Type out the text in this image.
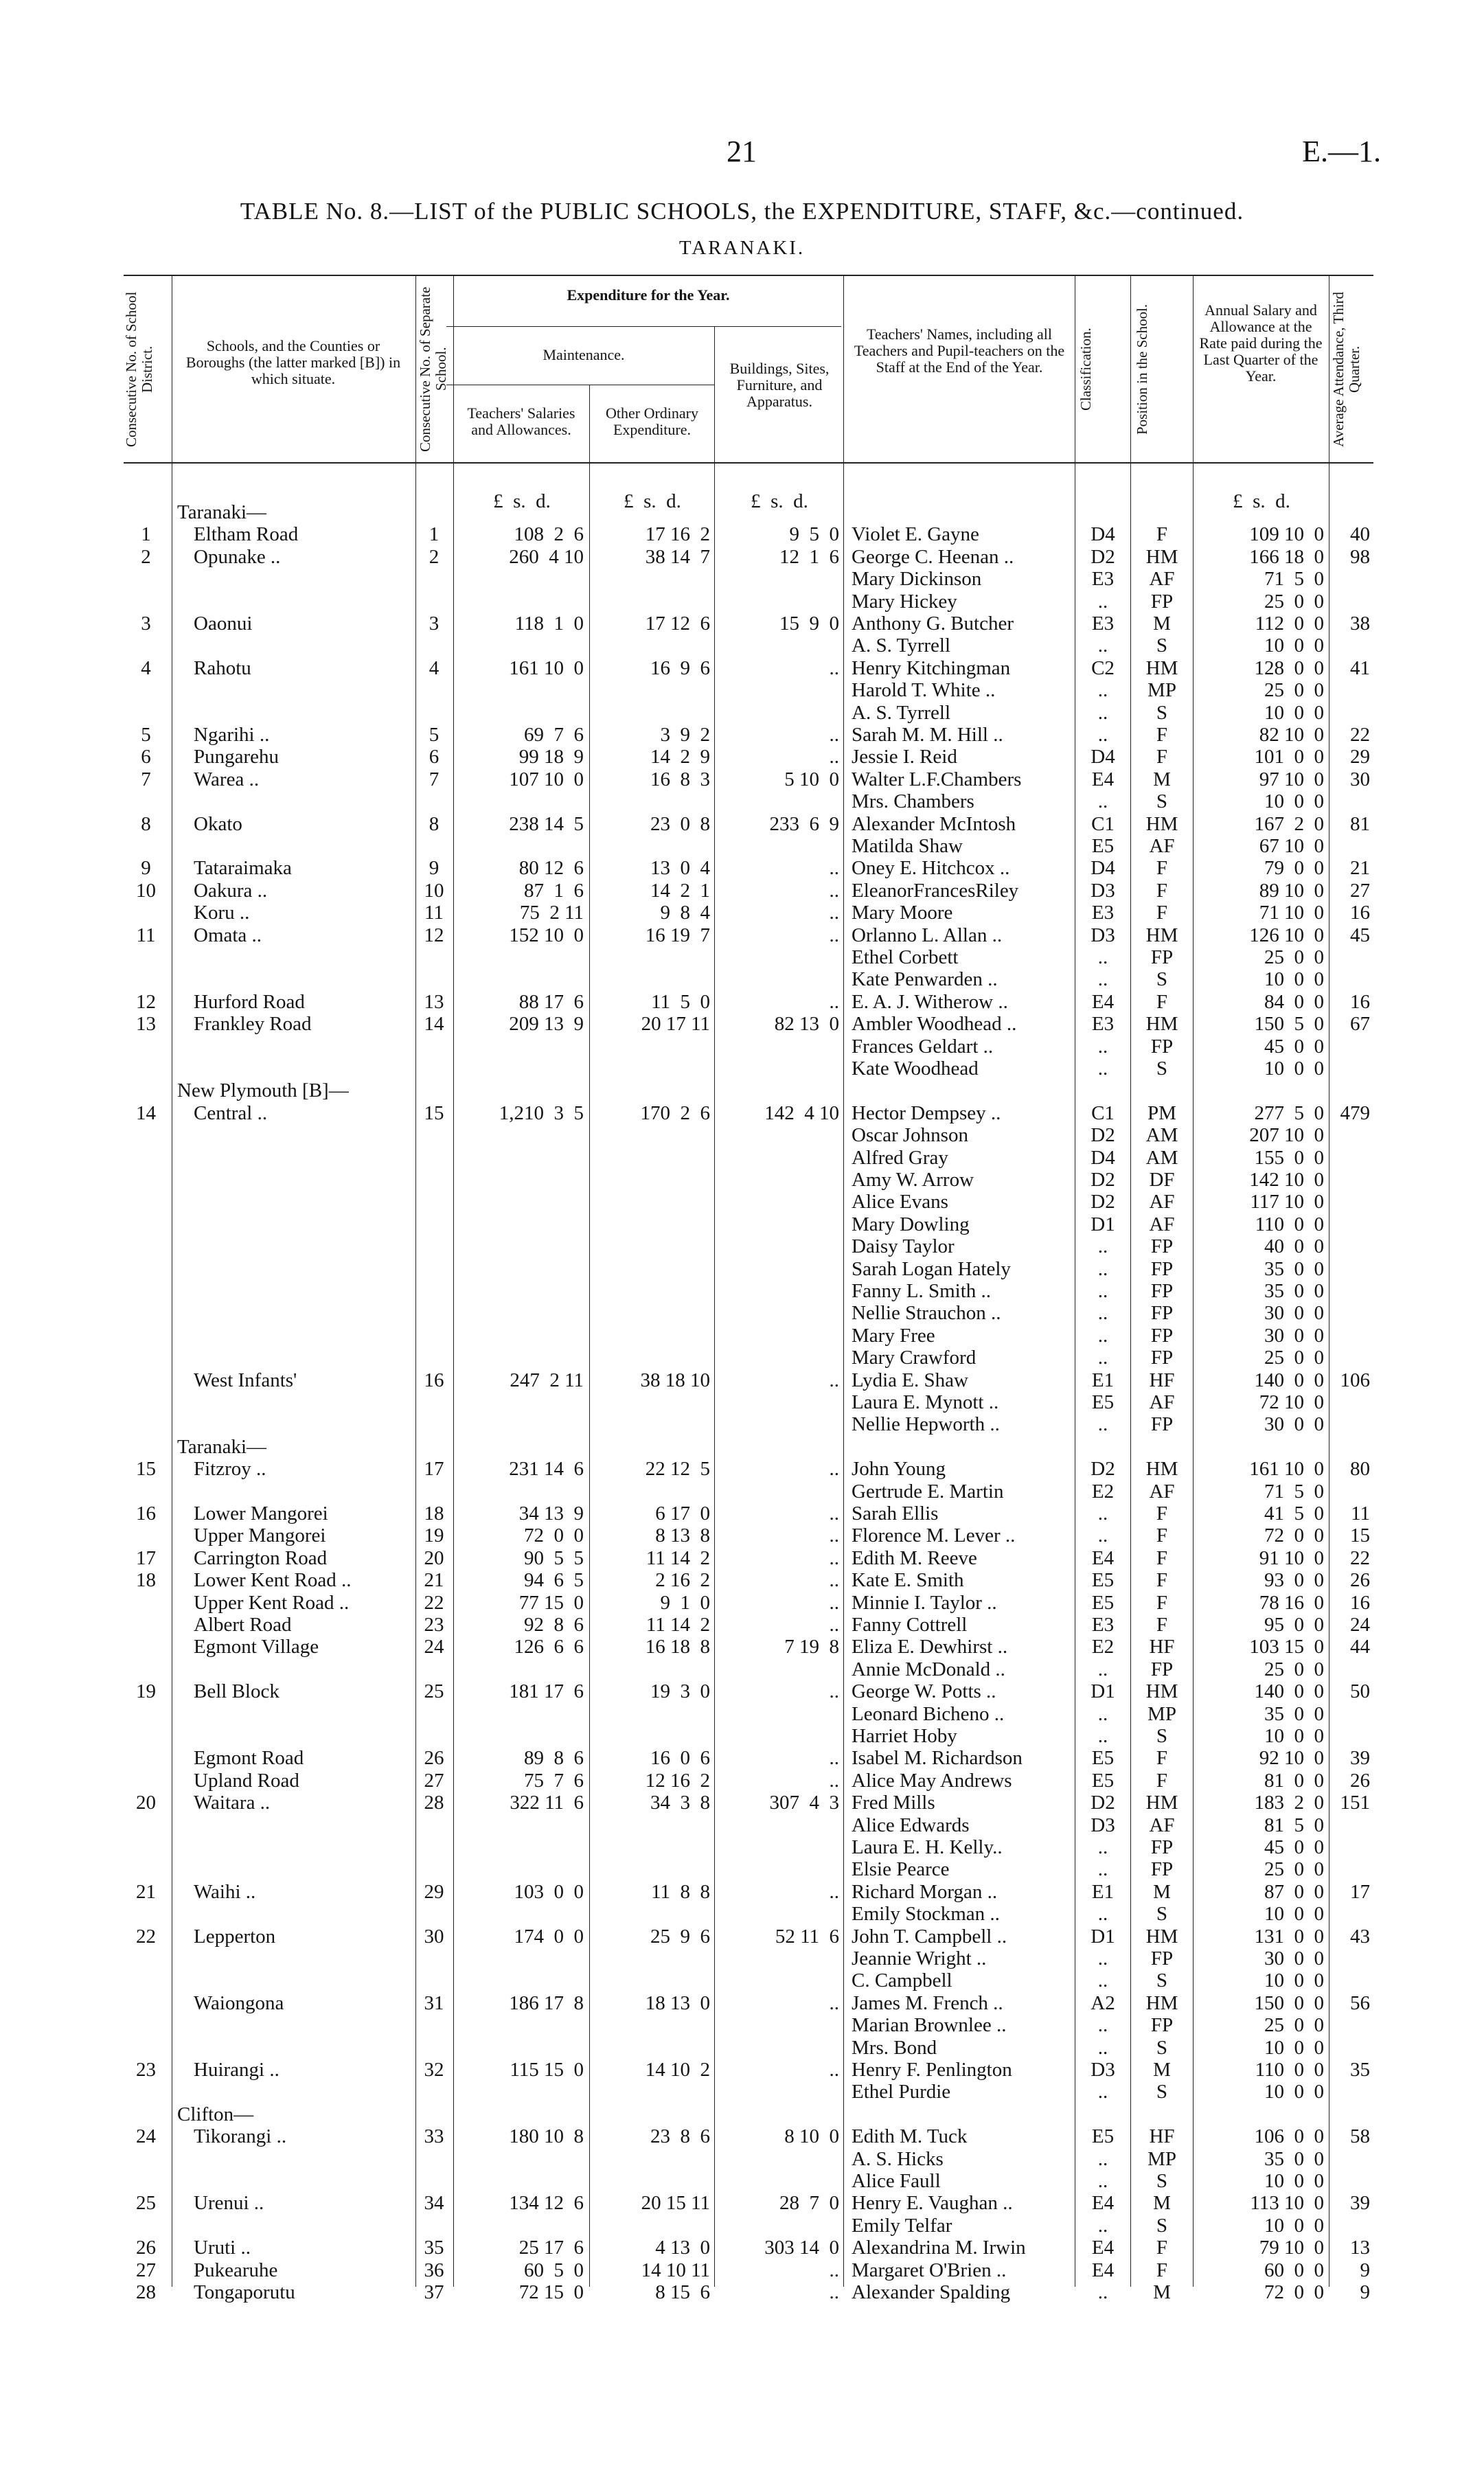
21	E.—1.
TABLE No. 8.—LIST of the PUBLIC SCHOOLS, the EXPENDITURE, STAFF, &c.—continued.
TARANAKI.
Consecutive No. of School District.	Schools, and the Counties or Boroughs (the latter marked [B]) in which situate.	Consecutive No. of Separate School.
Expenditure for the Year.
Maintenance.
Teachers' Salaries and Allowances.
Other Ordinary Expenditure.
Buildings, Sites, Furniture, and Apparatus.
Teachers' Names, including all Teachers and Pupil-teachers on the Staff at the End of the Year.	Classification.	Position in the School.	Annual Salary and Allowance at the Rate paid during the Last Quarter of the Year.	Average Attendance, Third Quarter.
£  s.  d.	£  s.  d.	£  s.  d.	£  s.  d.
Taranaki—
1	Eltham Road	1	108  2  6	17 16  2	9  5  0 Violet E. Gayne	D4	F	109 10  0	40
2	Opunake ..	2	260  4 10	38 14  7	12  1  6 George C. Heenan ..	D2	HM	166 18  0	98
Mary Dickinson	E3	AF	71  5  0
Mary Hickey	..	FP	25  0  0
3	Oaonui	3	118  1  0	17 12  6	15  9  0 Anthony G. Butcher	E3	M	112  0  0	38
A. S. Tyrrell	..	S	10  0  0
4	Rahotu	4	161 10  0	16  9  6	.. Henry Kitchingman	C2	HM	128  0  0	41
Harold T. White ..	..	MP	25  0  0
A. S. Tyrrell	..	S	10  0  0
5	Ngarihi ..	5	69  7  6	3  9  2	.. Sarah M. M. Hill ..	..	F	82 10  0	22
6	Pungarehu	6	99 18  9	14  2  9	.. Jessie I. Reid	D4	F	101  0  0	29
7	Warea ..	7	107 10  0	16  8  3	5 10  0 Walter L.F.Chambers	E4	M	97 10  0	30
Mrs. Chambers	..	S	10  0  0
8	Okato	8	238 14  5	23  0  8	233  6  9 Alexander McIntosh	C1	HM	167  2  0	81
Matilda Shaw	E5	AF	67 10  0
9	Tataraimaka	9	80 12  6	13  0  4	.. Oney E. Hitchcox ..	D4	F	79  0  0	21
10	Oakura ..	10	87  1  6	14  2  1	.. EleanorFrancesRiley	D3	F	89 10  0	27
Koru ..	11	75  2 11	9  8  4	.. Mary Moore	E3	F	71 10  0	16
11	Omata ..	12	152 10  0	16 19  7	.. Orlanno L. Allan ..	D3	HM	126 10  0	45
Ethel Corbett	..	FP	25  0  0
Kate Penwarden ..	..	S	10  0  0
12	Hurford Road	13	88 17  6	11  5  0	.. E. A. J. Witherow ..	E4	F	84  0  0	16
13	Frankley Road	14	209 13  9	20 17 11	82 13  0 Ambler Woodhead ..	E3	HM	150  5  0	67
Frances Geldart ..	..	FP	45  0  0
Kate Woodhead	..	S	10  0  0
New Plymouth [B]—
14	Central ..	15	1,210  3  5	170  2  6	142  4 10 Hector Dempsey ..	C1	PM	277  5  0 479
Oscar Johnson	D2	AM	207 10  0
Alfred Gray	D4	AM	155  0  0
Amy W. Arrow	D2	DF	142 10  0
Alice Evans	D2	AF	117 10  0
Mary Dowling	D1	AF	110  0  0
Daisy Taylor	..	FP	40  0  0
Sarah Logan Hately	..	FP	35  0  0
Fanny L. Smith ..	..	FP	35  0  0
Nellie Strauchon ..	..	FP	30  0  0
Mary Free	..	FP	30  0  0
Mary Crawford	..	FP	25  0  0
West Infants'	16	247  2 11	38 18 10	.. Lydia E. Shaw	E1	HF	140  0  0 106
Laura E. Mynott ..	E5	AF	72 10  0
Nellie Hepworth ..	..	FP	30  0  0
Taranaki—
15	Fitzroy ..	17	231 14  6	22 12  5	.. John Young	D2	HM	161 10  0	80
Gertrude E. Martin	E2	AF	71  5  0
16	Lower Mangorei	18	34 13  9	6 17  0	.. Sarah Ellis	..	F	41  5  0	11
Upper Mangorei	19	72  0  0	8 13  8	.. Florence M. Lever ..	..	F	72  0  0	15
17	Carrington Road	20	90  5  5	11 14  2	.. Edith M. Reeve	E4	F	91 10  0	22
18	Lower Kent Road ..	21	94  6  5	2 16  2	.. Kate E. Smith	E5	F	93  0  0	26
Upper Kent Road ..	22	77 15  0	9  1  0	.. Minnie I. Taylor ..	E5	F	78 16  0	16
Albert Road	23	92  8  6	11 14  2	.. Fanny Cottrell	E3	F	95  0  0	24
Egmont Village	24	126  6  6	16 18  8	7 19  8 Eliza E. Dewhirst ..	E2	HF	103 15  0	44
Annie McDonald ..	..	FP	25  0  0
19	Bell Block	25	181 17  6	19  3  0	.. George W. Potts ..	D1	HM	140  0  0	50
Leonard Bicheno ..	..	MP	35  0  0
Harriet Hoby	..	S	10  0  0
Egmont Road	26	89  8  6	16  0  6	.. Isabel M. Richardson	E5	F	92 10  0	39
Upland Road	27	75  7  6	12 16  2	.. Alice May Andrews	E5	F	81  0  0	26
20	Waitara ..	28	322 11  6	34  3  8	307  4  3 Fred Mills	D2	HM	183  2  0 151
Alice Edwards	D3	AF	81  5  0
Laura E. H. Kelly..	..	FP	45  0  0
Elsie Pearce	..	FP	25  0  0
21	Waihi ..	29	103  0  0	11  8  8	.. Richard Morgan ..	E1	M	87  0  0	17
Emily Stockman ..	..	S	10  0  0
22	Lepperton	30	174  0  0	25  9  6	52 11  6 John T. Campbell ..	D1	HM	131  0  0	43
Jeannie Wright ..	..	FP	30  0  0
C. Campbell	..	S	10  0  0
Waiongona	31	186 17  8	18 13  0	.. James M. French ..	A2	HM	150  0  0	56
Marian Brownlee ..	..	FP	25  0  0
Mrs. Bond	..	S	10  0  0
23	Huirangi ..	32	115 15  0	14 10  2	.. Henry F. Penlington	D3	M	110  0  0	35
Ethel Purdie	..	S	10  0  0
Clifton—
24	Tikorangi ..	33	180 10  8	23  8  6	8 10  0 Edith M. Tuck	E5	HF	106  0  0	58
A. S. Hicks	..	MP	35  0  0
Alice Faull	..	S	10  0  0
25	Urenui ..	34	134 12  6	20 15 11	28  7  0 Henry E. Vaughan ..	E4	M	113 10  0	39
Emily Telfar	..	S	10  0  0
26	Uruti ..	35	25 17  6	4 13  0	303 14  0 Alexandrina M. Irwin	E4	F	79 10  0	13
27	Pukearuhe	36	60  5  0	14 10 11	.. Margaret O'Brien ..	E4	F	60  0  0	9
28	Tongaporutu	37	72 15  0	8 15  6	.. Alexander Spalding	..	M	72  0  0	9
